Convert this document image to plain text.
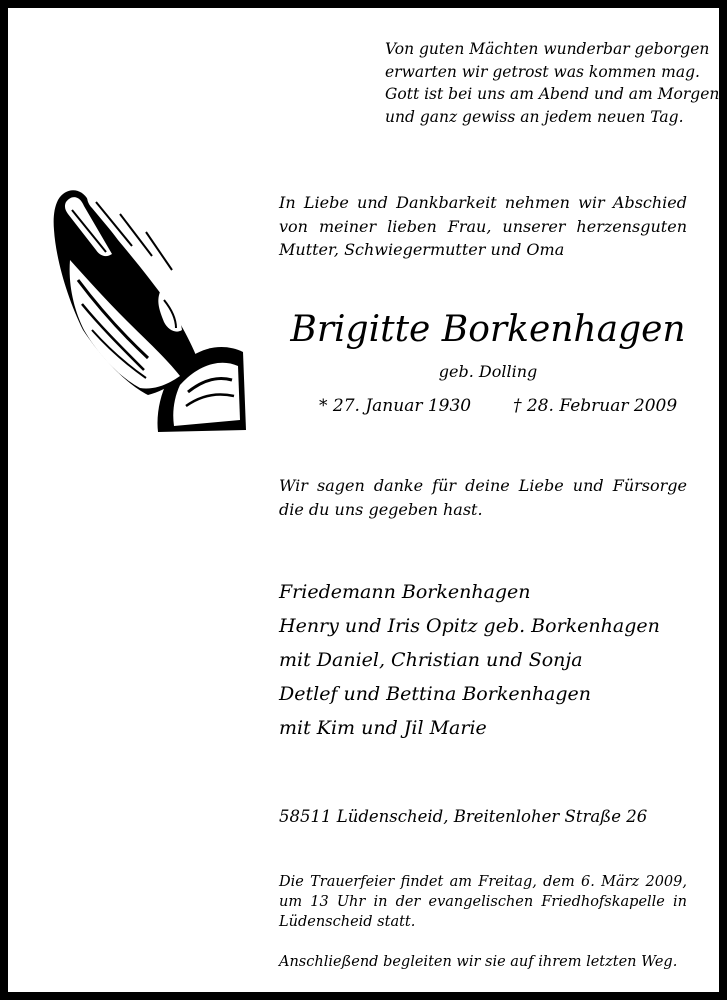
Von guten Mächten wunderbar geborgen
erwarten wir getrost was kommen mag.
Gott ist bei uns am Abend und am Morgen
und ganz gewiss an jedem neuen Tag.
In Liebe und Dankbarkeit nehmen wir Abschied von meiner lieben Frau, unserer herzensguten Mutter, Schwiegermutter und Oma
Brigitte Borkenhagen
geb. Dolling
* 27. Januar 1930 † 28. Februar 2009
Wir sagen danke für deine Liebe und Fürsorge die du uns gegeben hast.
Friedemann Borkenhagen
Henry und Iris Opitz geb. Borkenhagen
mit Daniel, Christian und Sonja
Detlef und Bettina Borkenhagen
mit Kim und Jil Marie
58511 Lüdenscheid, Breitenloher Straße 26
Die Trauerfeier findet am Freitag, dem 6. März 2009, um 13 Uhr in der evangelischen Friedhofskapelle in Lüdenscheid statt.
Anschließend begleiten wir sie auf ihrem letzten Weg.
